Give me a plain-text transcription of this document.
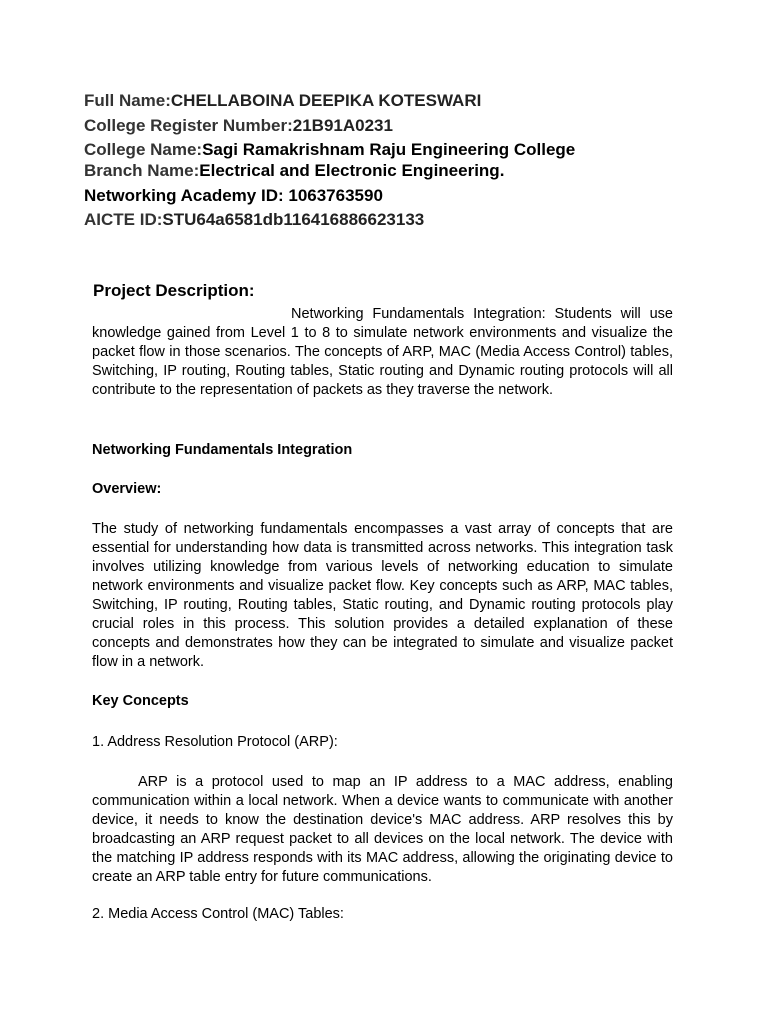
Full Name:CHELLABOINA DEEPIKA KOTESWARI
College Register Number:21B91A0231
College Name:Sagi Ramakrishnam Raju Engineering College
Branch Name:Electrical and Electronic Engineering.
Networking Academy ID: 1063763590
AICTE ID:STU64a6581db116416886623133
Project Description:
Networking Fundamentals Integration: Students will use knowledge gained from Level 1 to 8 to simulate network environments and visualize the packet flow in those scenarios. The concepts of ARP, MAC (Media Access Control) tables, Switching, IP routing, Routing tables, Static routing and Dynamic routing protocols will all contribute to the representation of packets as they traverse the network.
Networking Fundamentals Integration
Overview:
The study of networking fundamentals encompasses a vast array of concepts that are essential for understanding how data is transmitted across networks. This integration task involves utilizing knowledge from various levels of networking education to simulate network environments and visualize packet flow. Key concepts such as ARP, MAC tables, Switching, IP routing, Routing tables, Static routing, and Dynamic routing protocols play crucial roles in this process. This solution provides a detailed explanation of these concepts and demonstrates how they can be integrated to simulate and visualize packet flow in a network.
Key Concepts
1. Address Resolution Protocol (ARP):
ARP is a protocol used to map an IP address to a MAC address, enabling communication within a local network. When a device wants to communicate with another device, it needs to know the destination device's MAC address. ARP resolves this by broadcasting an ARP request packet to all devices on the local network. The device with the matching IP address responds with its MAC address, allowing the originating device to create an ARP table entry for future communications.
2. Media Access Control (MAC) Tables:
